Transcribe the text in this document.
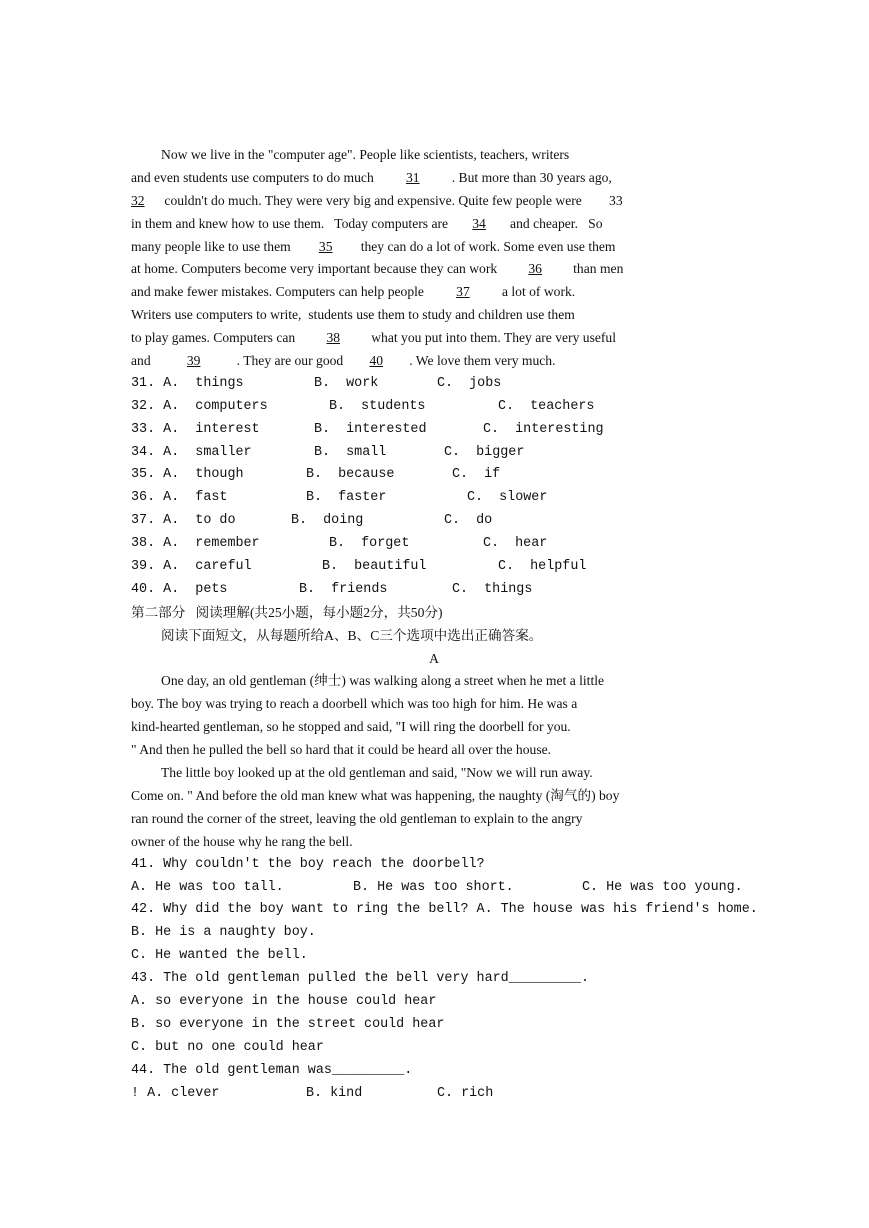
Now we live in the "computer age". People like scientists, teachers, writers
and even students use computers to do much 31 . But more than 30 years ago,
32 couldn't do much. They were very big and expensive. Quite few people were        33
in them and knew how to use them.   Today computers are 34 and cheaper.   So
many people like to use them 35 they can do a lot of work. Some even use them
at home. Computers become very important because they can work 36 than men
and make fewer mistakes. Computers can help people 37 a lot of work.
Writers use computers to write,  students use them to study and children use them
to play games. Computers can 38 what you put into them. They are very useful
and	39	. They are our good 40 . We love them very much.
31. A.  things	B.  work	C.  jobs
32. A.  computers	B.  students	C.  teachers
33. A.  interest	B.  interested	C.  interesting
34. A.  smaller	B.  small	C.  bigger
35. A.  though	B.  because	C.  if
36. A.  fast	B.  faster	C.  slower
37. A.  to do	B.  doing	C.  do
38. A.  remember	B.  forget	C.  hear
39. A.  careful	B.  beautiful	C.  helpful
40. A.  pets	B.  friends	C.  things
第二部分   阅读理解(共25小题，每小题2分，共50分)
阅读下面短文，从每题所给A、B、C三个选项中选出正确答案。
A
One day, an old gentleman (绅士) was walking along a street when he met a little
boy. The boy was trying to reach a doorbell which was too high for him. He was a
kind-hearted gentleman, so he stopped and said, "I will ring the doorbell for you.
" And then he pulled the bell so hard that it could be heard all over the house.
The little boy looked up at the old gentleman and said, "Now we will run away.
Come on. " And before the old man knew what was happening, the naughty (淘气的) boy
ran round the corner of the street, leaving the old gentleman to explain to the angry
owner of the house why he rang the bell.
41. Why couldn't the boy reach the doorbell?
A. He was too tall.	B. He was too short.	C. He was too young.
42. Why did the boy want to ring the bell? A. The house was his friend's home.
B. He is a naughty boy.
C. He wanted the bell.
43. The old gentleman pulled the bell very hard_________.
A. so everyone in the house could hear
B. so everyone in the street could hear
C. but no one could hear
44. The old gentleman was_________.
! A. clever	B. kind	C. rich
